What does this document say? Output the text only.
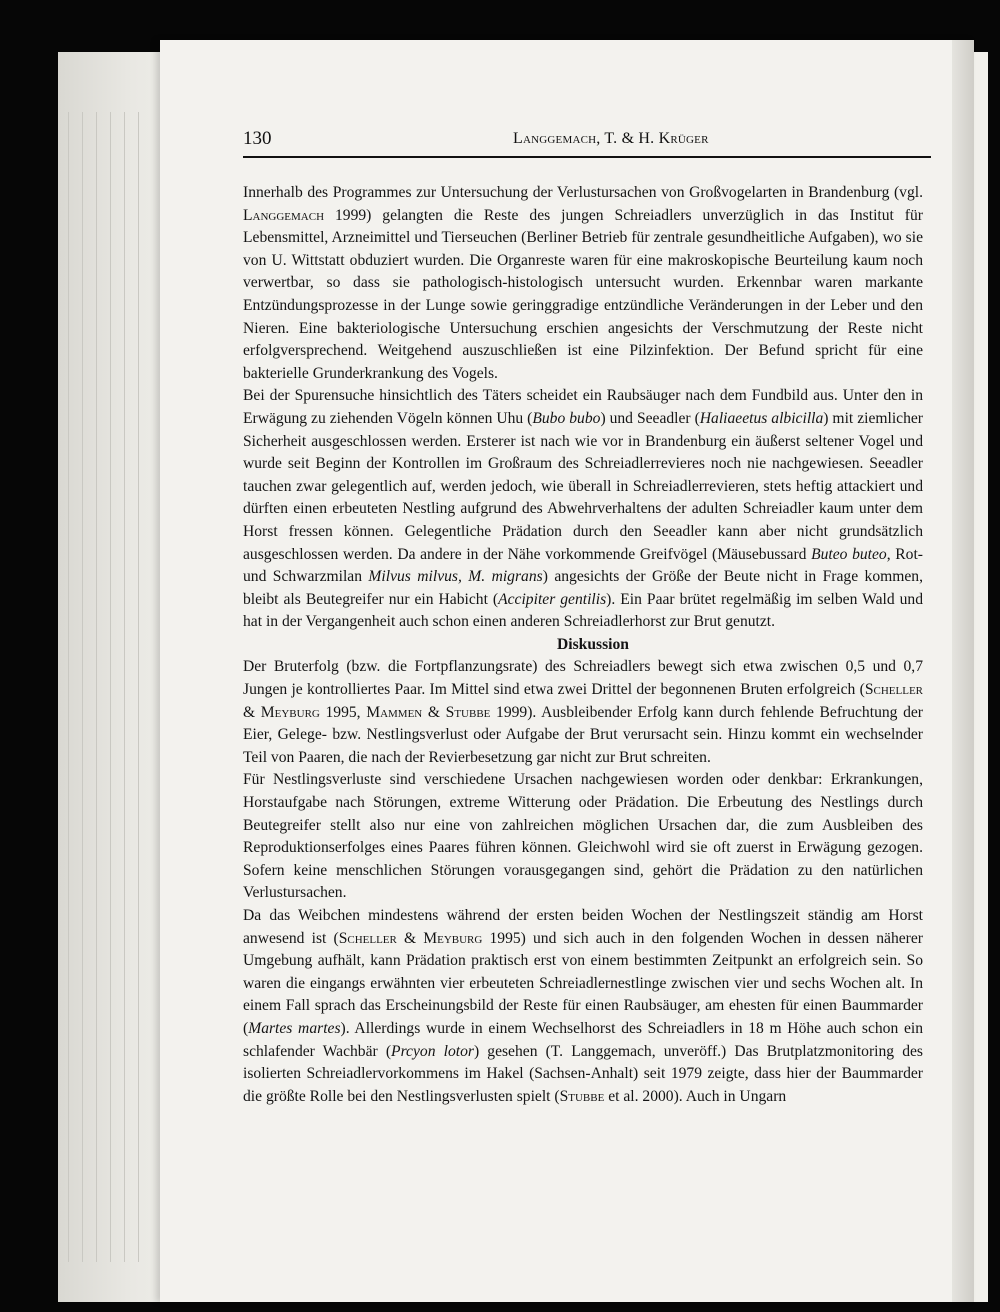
130	Langgemach, T. & H. Krüger

Innerhalb des Programmes zur Untersuchung der Verlustursachen von Großvogelarten in Brandenburg (vgl. Langgemach 1999) gelangten die Reste des jungen Schreiadlers unverzüglich in das Institut für Lebensmittel, Arzneimittel und Tierseuchen (Berliner Betrieb für zentrale gesundheitliche Aufgaben), wo sie von U. Wittstatt obduziert wurden. Die Organreste waren für eine makroskopische Beurteilung kaum noch verwertbar, so dass sie pathologisch-histologisch untersucht wurden. Erkennbar waren markante Entzündungsprozesse in der Lunge sowie geringgradige entzündliche Veränderungen in der Leber und den Nieren. Eine bakteriologische Untersuchung erschien angesichts der Verschmutzung der Reste nicht erfolgversprechend. Weitgehend auszuschließen ist eine Pilzinfektion. Der Befund spricht für eine bakterielle Grunderkrankung des Vogels.

Bei der Spurensuche hinsichtlich des Täters scheidet ein Raubsäuger nach dem Fundbild aus. Unter den in Erwägung zu ziehenden Vögeln können Uhu (Bubo bubo) und Seeadler (Haliaeetus albicilla) mit ziemlicher Sicherheit ausgeschlossen werden. Ersterer ist nach wie vor in Brandenburg ein äußerst seltener Vogel und wurde seit Beginn der Kontrollen im Großraum des Schreiadlerrevieres noch nie nachgewiesen. Seeadler tauchen zwar gelegentlich auf, werden jedoch, wie überall in Schreiadlerrevieren, stets heftig attackiert und dürften einen erbeuteten Nestling aufgrund des Abwehrverhaltens der adulten Schreiadler kaum unter dem Horst fressen können. Gelegentliche Prädation durch den Seeadler kann aber nicht grundsätzlich ausgeschlossen werden. Da andere in der Nähe vorkommende Greifvögel (Mäusebussard Buteo buteo, Rot- und Schwarzmilan Milvus milvus, M. migrans) angesichts der Größe der Beute nicht in Frage kommen, bleibt als Beutegreifer nur ein Habicht (Accipiter gentilis). Ein Paar brütet regelmäßig im selben Wald und hat in der Vergangenheit auch schon einen anderen Schreiadlerhorst zur Brut genutzt.

Diskussion

Der Bruterfolg (bzw. die Fortpflanzungsrate) des Schreiadlers bewegt sich etwa zwischen 0,5 und 0,7 Jungen je kontrolliertes Paar. Im Mittel sind etwa zwei Drittel der begonnenen Bruten erfolgreich (Scheller & Meyburg 1995, Mammen & Stubbe 1999). Ausbleibender Erfolg kann durch fehlende Befruchtung der Eier, Gelege- bzw. Nestlingsverlust oder Aufgabe der Brut verursacht sein. Hinzu kommt ein wechselnder Teil von Paaren, die nach der Revierbesetzung gar nicht zur Brut schreiten.

Für Nestlingsverluste sind verschiedene Ursachen nachgewiesen worden oder denkbar: Erkrankungen, Horstaufgabe nach Störungen, extreme Witterung oder Prädation. Die Erbeutung des Nestlings durch Beutegreifer stellt also nur eine von zahlreichen möglichen Ursachen dar, die zum Ausbleiben des Reproduktionserfolges eines Paares führen können. Gleichwohl wird sie oft zuerst in Erwägung gezogen. Sofern keine menschlichen Störungen vorausgegangen sind, gehört die Prädation zu den natürlichen Verlustursachen.

Da das Weibchen mindestens während der ersten beiden Wochen der Nestlingszeit ständig am Horst anwesend ist (Scheller & Meyburg 1995) und sich auch in den folgenden Wochen in dessen näherer Umgebung aufhält, kann Prädation praktisch erst von einem bestimmten Zeitpunkt an erfolgreich sein. So waren die eingangs erwähnten vier erbeuteten Schreiadlernestlinge zwischen vier und sechs Wochen alt. In einem Fall sprach das Erscheinungsbild der Reste für einen Raubsäuger, am ehesten für einen Baummarder (Martes martes). Allerdings wurde in einem Wechselhorst des Schreiadlers in 18 m Höhe auch schon ein schlafender Wachbär (Prcyon lotor) gesehen (T. Langgemach, unveröff.) Das Brutplatzmonitoring des isolierten Schreiadlervorkommens im Hakel (Sachsen-Anhalt) seit 1979 zeigte, dass hier der Baummarder die größte Rolle bei den Nestlingsverlusten spielt (Stubbe et al. 2000). Auch in Ungarn
